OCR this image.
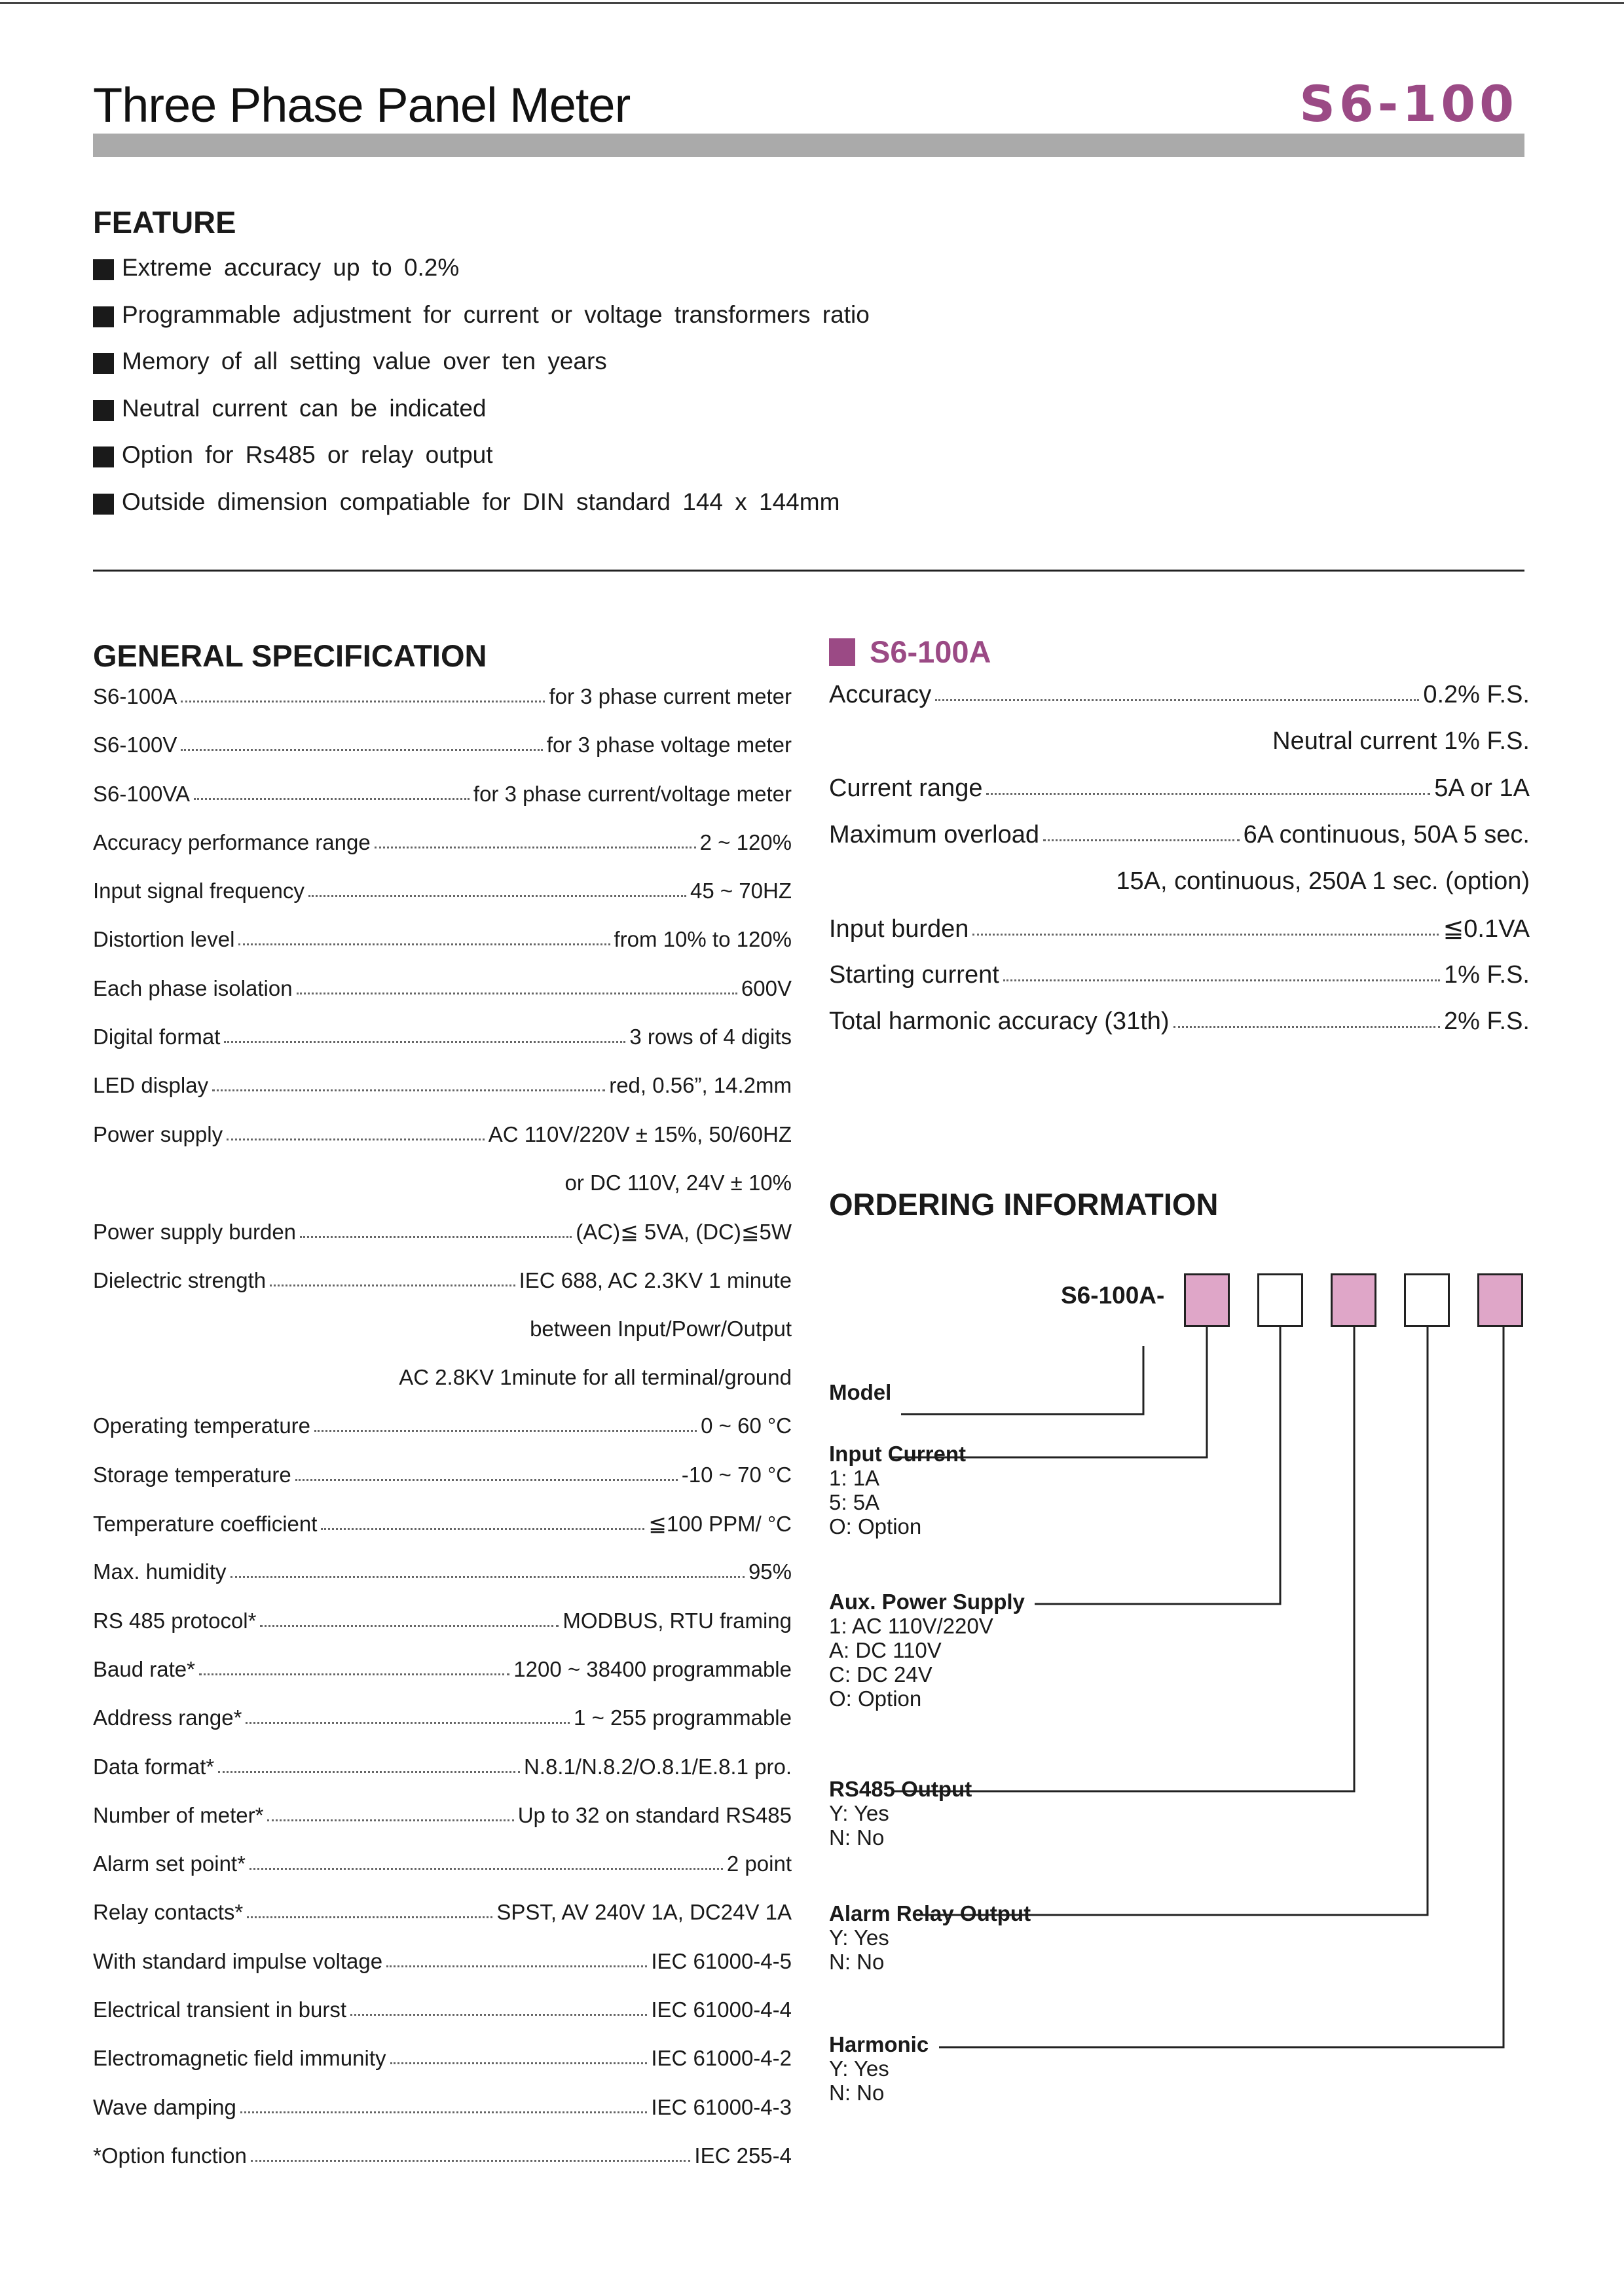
Three Phase Panel Meter	S6-100
FEATURE
Extreme accuracy up to 0.2%
Programmable adjustment for current or voltage transformers ratio
Memory of all setting value over ten years
Neutral current can be indicated
Option for Rs485 or relay output
Outside dimension compatiable for DIN standard 144 x 144mm
GENERAL SPECIFICATION
S6-100A	for 3 phase current meter
S6-100V	for 3 phase voltage meter
S6-100VA	for 3 phase current/voltage meter
Accuracy performance range	2 ~ 120%
Input signal frequency	45 ~ 70HZ
Distortion level	from 10% to 120%
Each phase isolation	600V
Digital format	3 rows of 4 digits
LED display	red, 0.56”, 14.2mm
Power supply	AC 110V/220V ± 15%, 50/60HZ
or DC 110V, 24V ± 10%
Power supply burden	(AC)≦ 5VA, (DC)≦5W
Dielectric strength	IEC 688, AC 2.3KV 1 minute
between Input/Powr/Output
AC 2.8KV 1minute for all terminal/ground
Operating temperature	0 ~ 60 °C
Storage temperature	-10 ~ 70 °C
Temperature coefficient	≦100 PPM/ °C
Max. humidity	95%
RS 485 protocol*	MODBUS, RTU framing
Baud rate*	1200 ~ 38400 programmable
Address range*	1 ~ 255 programmable
Data format*	N.8.1/N.8.2/O.8.1/E.8.1 pro.
Number of meter*	Up to 32 on standard RS485
Alarm set point*	2 point
Relay contacts*	SPST, AV 240V 1A, DC24V 1A
With standard impulse voltage	IEC 61000-4-5
Electrical transient in burst	IEC 61000-4-4
Electromagnetic field immunity	IEC 61000-4-2
Wave damping	IEC 61000-4-3
*Option function	IEC 255-4
S6-100A
Accuracy	0.2% F.S.
Neutral current 1% F.S.
Current range	5A or 1A
Maximum overload	6A continuous, 50A 5 sec.
15A, continuous, 250A 1 sec. (option)
Input burden	≦0.1VA
Starting current	1% F.S.
Total harmonic accuracy (31th)	2% F.S.
ORDERING INFORMATION
S6-100A-
Model
Input Current
1: 1A
5: 5A
O: Option
Aux. Power Supply
1: AC 110V/220V
A: DC 110V
C: DC 24V
O: Option
RS485 Output
Y: Yes
N: No
Alarm Relay Output
Y: Yes
N: No
Harmonic
Y: Yes
N: No
